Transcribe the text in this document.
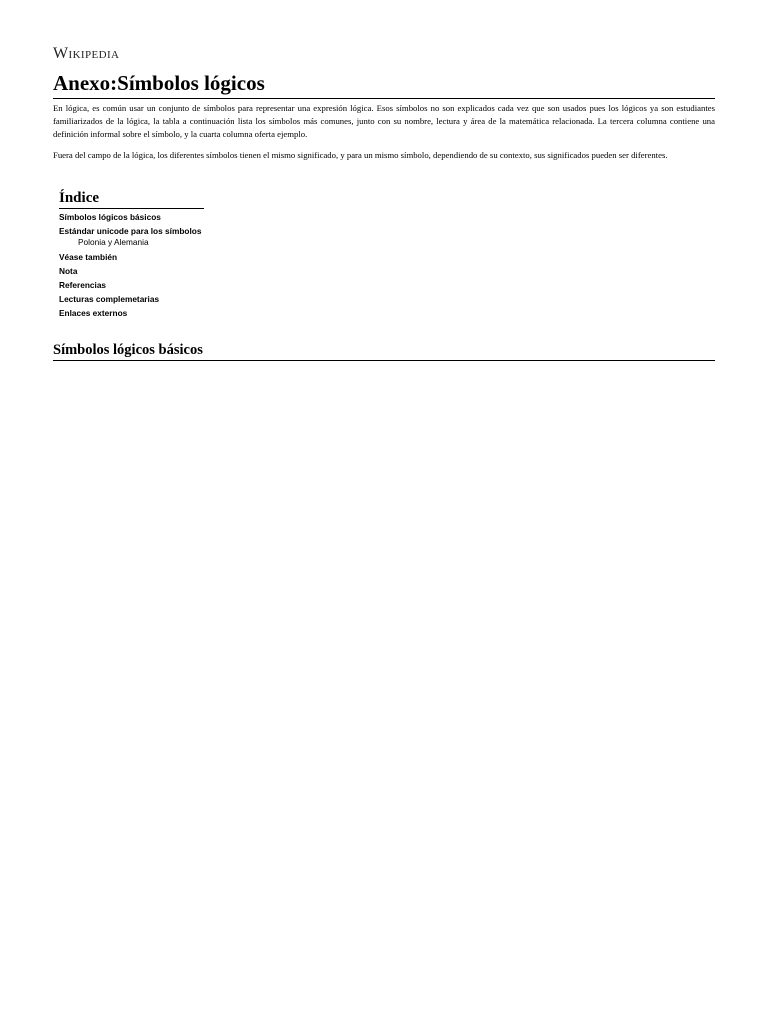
Wikipedia
Anexo:Símbolos lógicos

En lógica, es común usar un conjunto de símbolos para representar una expresión lógica. Esos símbolos no son explicados cada vez que son usados pues los lógicos ya son estudiantes familiarizados de la lógica, la tabla a continuación lista los símbolos más comunes, junto con su nombre, lectura y área de la matemática relacionada. La tercera columna contiene una definición informal sobre el símbolo, y la cuarta columna oferta ejemplo.

Fuera del campo de la lógica, los diferentes símbolos tienen el mismo significado, y para un mismo símbolo, dependiendo de su contexto, sus significados pueden ser diferentes.

Índice
Símbolos lógicos básicos
Estándar unicode para los símbolos
Polonia y Alemania
Véase también
Nota
Referencias
Lecturas complemetarias
Enlaces externos
Símbolos lógicos básicos
